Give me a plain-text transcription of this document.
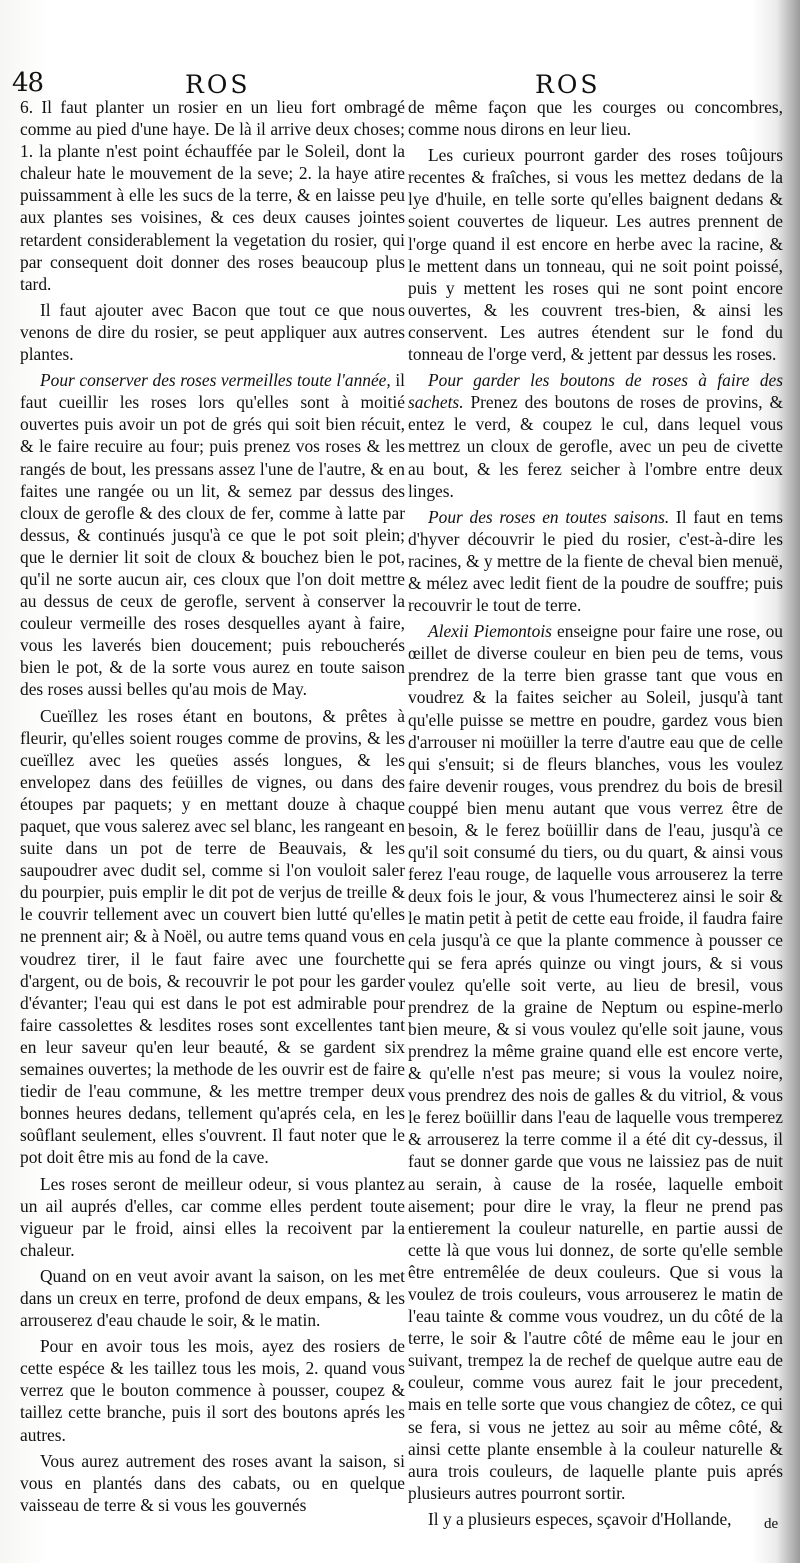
48	ROS	ROS

6. Il faut planter un rosier en un lieu fort ombragé comme au pied d'une haye. De là il arrive deux choses; 1. la plante n'est point échauffée par le Soleil, dont la chaleur hate le mouvement de la seve; 2. la haye atire puissamment à elle les sucs de la terre, & en laisse peu aux plantes ses voisines, & ces deux causes jointes retardent considerablement la vegetation du rosier, qui par consequent doit donner des roses beaucoup plus tard.

Il faut ajouter avec Bacon que tout ce que nous venons de dire du rosier, se peut appliquer aux autres plantes.

Pour conserver des roses vermeilles toute l'année, il faut cueillir les roses lors qu'elles sont à moitié ouvertes puis avoir un pot de grés qui soit bien récuit, & le faire recuire au four; puis prenez vos roses & les rangés de bout, les pressans assez l'une de l'autre, & en faites une rangée ou un lit, & semez par dessus des cloux de gerofle & des cloux de fer, comme à latte par dessus, & continués jusqu'à ce que le pot soit plein; que le dernier lit soit de cloux & bouchez bien le pot, qu'il ne sorte aucun air, ces cloux que l'on doit mettre au dessus de ceux de gerofle, servent à conserver la couleur vermeille des roses desquelles ayant à faire, vous les laverés bien doucement; puis reboucherés bien le pot, & de la sorte vous aurez en toute saison des roses aussi belles qu'au mois de May.

Cueïllez les roses étant en boutons, & prêtes à fleurir, qu'elles soient rouges comme de provins, & les cueïllez avec les queües assés longues, & les envelopez dans des feüilles de vignes, ou dans des étoupes par paquets; y en mettant douze à chaque paquet, que vous salerez avec sel blanc, les rangeant en suite dans un pot de terre de Beauvais, & les saupoudrer avec dudit sel, comme si l'on vouloit saler du pourpier, puis emplir le dit pot de verjus de treille & le couvrir tellement avec un couvert bien lutté qu'elles ne prennent air; & à Noël, ou autre tems quand vous en voudrez tirer, il le faut faire avec une fourchette d'argent, ou de bois, & recouvrir le pot pour les garder d'évanter; l'eau qui est dans le pot est admirable pour faire cassolettes & lesdites roses sont excellentes tant en leur saveur qu'en leur beauté, & se gardent six semaines ouvertes; la methode de les ouvrir est de faire tiedir de l'eau commune, & les mettre tremper deux bonnes heures dedans, tellement qu'aprés cela, en les soûflant seulement, elles s'ouvrent. Il faut noter que le pot doit être mis au fond de la cave.

Les roses seront de meilleur odeur, si vous plantez un ail auprés d'elles, car comme elles perdent toute vigueur par le froid, ainsi elles la recoivent par la chaleur.

Quand on en veut avoir avant la saison, on les met dans un creux en terre, profond de deux empans, & les arrouserez d'eau chaude le soir, & le matin.

Pour en avoir tous les mois, ayez des rosiers de cette espéce & les taillez tous les mois, 2. quand vous verrez que le bouton commence à pousser, coupez & taillez cette branche, puis il sort des boutons aprés les autres.

Vous aurez autrement des roses avant la saison, si vous en plantés dans des cabats, ou en quelque vaisseau de terre & si vous les gouvernés

de même façon que les courges ou concombres, comme nous dirons en leur lieu.

Les curieux pourront garder des roses toûjours recentes & fraîches, si vous les mettez dedans de la lye d'huile, en telle sorte qu'elles baignent dedans & soient couvertes de liqueur. Les autres prennent de l'orge quand il est encore en herbe avec la racine, & le mettent dans un tonneau, qui ne soit point poissé, puis y mettent les roses qui ne sont point encore ouvertes, & les couvrent tres-bien, & ainsi les conservent. Les autres étendent sur le fond du tonneau de l'orge verd, & jettent par dessus les roses.

Pour garder les boutons de roses à faire des sachets. Prenez des boutons de roses de provins, & entez le verd, & coupez le cul, dans lequel vous mettrez un cloux de gerofle, avec un peu de civette au bout, & les ferez seicher à l'ombre entre deux linges.

Pour des roses en toutes saisons. Il faut en tems d'hyver découvrir le pied du rosier, c'est-à-dire les racines, & y mettre de la fiente de cheval bien menuë, & mélez avec ledit fient de la poudre de souffre; puis recouvrir le tout de terre.

Alexii Piemontois enseigne pour faire une rose, ou œillet de diverse couleur en bien peu de tems, vous prendrez de la terre bien grasse tant que vous en voudrez & la faites seicher au Soleil, jusqu'à tant qu'elle puisse se mettre en poudre, gardez vous bien d'arrouser ni moüiller la terre d'autre eau que de celle qui s'ensuit; si de fleurs blanches, vous les voulez faire devenir rouges, vous prendrez du bois de bresil couppé bien menu autant que vous verrez être de besoin, & le ferez boüillir dans de l'eau, jusqu'à ce qu'il soit consumé du tiers, ou du quart, & ainsi vous ferez l'eau rouge, de laquelle vous arrouserez la terre deux fois le jour, & vous l'humecterez ainsi le soir & le matin petit à petit de cette eau froide, il faudra faire cela jusqu'à ce que la plante commence à pousser ce qui se fera aprés quinze ou vingt jours, & si vous voulez qu'elle soit verte, au lieu de bresil, vous prendrez de la graine de Neptum ou espine-merlo bien meure, & si vous voulez qu'elle soit jaune, vous prendrez la même graine quand elle est encore verte, & qu'elle n'est pas meure; si vous la voulez noire, vous prendrez des nois de galles & du vitriol, & vous le ferez boüillir dans l'eau de laquelle vous tremperez & arrouserez la terre comme il a été dit cy-dessus, il faut se donner garde que vous ne laissiez pas de nuit au serain, à cause de la rosée, laquelle emboit aisement; pour dire le vray, la fleur ne prend pas entierement la couleur naturelle, en partie aussi de cette là que vous lui donnez, de sorte qu'elle semble être entremêlée de deux couleurs. Que si vous la voulez de trois couleurs, vous arrouserez le matin de l'eau tainte & comme vous voudrez, un du côté de la terre, le soir & l'autre côté de même eau le jour en suivant, trempez la de rechef de quelque autre eau de couleur, comme vous aurez fait le jour precedent, mais en telle sorte que vous changiez de côtez, ce qui se fera, si vous ne jettez au soir au même côté, & ainsi cette plante ensemble à la couleur naturelle & aura trois couleurs, de laquelle plante puis aprés plusieurs autres pourront sortir.

Il y a plusieurs especes, sçavoir d'Hollande,	de
